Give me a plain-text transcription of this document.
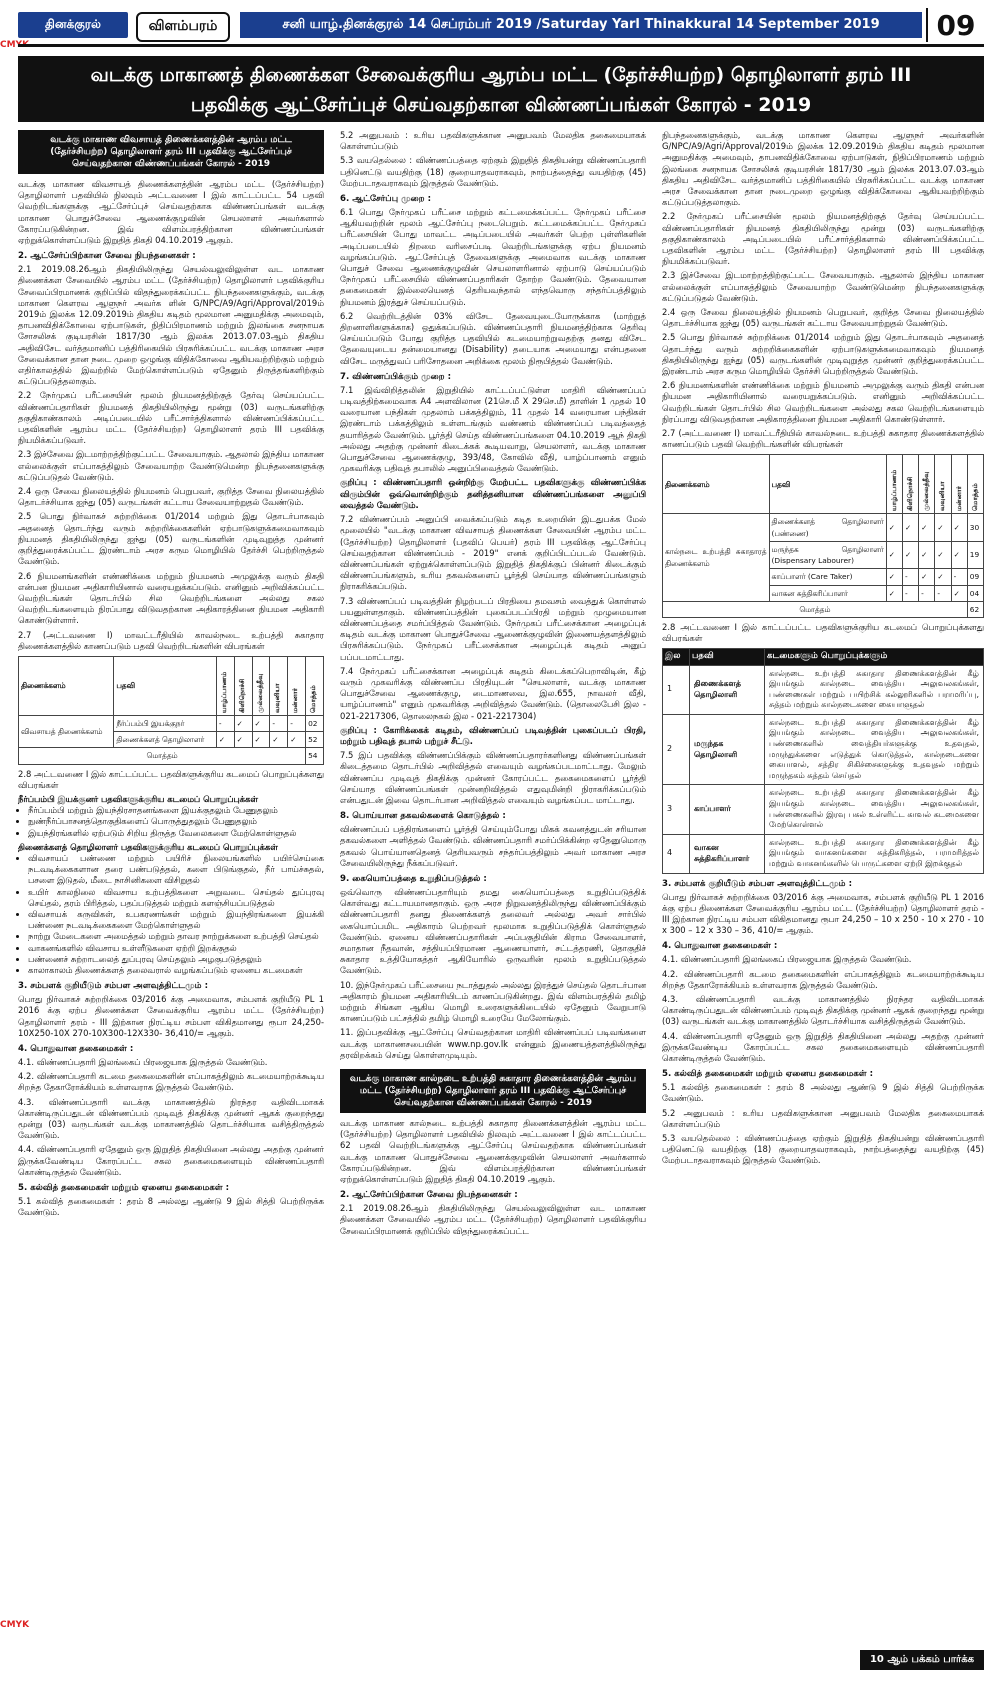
CMYK
CMYK
தினக்குரல்	விளம்பரம்	சனி யாழ்.தினக்குரல் 14 செப்ரம்பர் 2019 /Saturday Yarl Thinakkural 14 September 2019	09
வடக்கு மாகாணத் திணைக்கள சேவைக்குரிய ஆரம்ப மட்ட (தேர்ச்சியற்ற) தொழிலாளர் தரம் III
பதவிக்கு ஆட்சேர்ப்புச் செய்வதற்கான விண்ணப்பங்கள் கோரல் - 2019
வடக்கு மாகாண விவசாயத் திணைக்களத்தின் ஆரம்ப மட்ட (தேர்ச்சியற்ற) தொழிலாளர் தரம் III பதவிக்கு ஆட்சேர்ப்புச் செய்வதற்கான விண்ணப்பங்கள் கோரல் - 2019

வடக்கு மாகாண விவசாயத் திணைக்களத்தின் ஆரம்ப மட்ட (தேர்ச்சியற்ற) தொழிலாளர் பதவியில் நிலவும் அட்டவணை I இல் காட்டப்பட்ட 54 பதவி வெற்றிடங்களுக்கு ஆட்சேர்ப்புச் செய்வதற்காக விண்ணப்பங்கள் வடக்கு மாகாண பொதுச்சேவை ஆணைக்குழுவின் செயலாளர் அவர்களால் கோரப்படுகின்றன. இவ் விளம்பரத்திற்கான விண்ணப்பங்கள் ஏற்றுக்கொள்ளப்படும் இறுதித் திகதி 04.10.2019 ஆகும்.

2. ஆட்சேர்ப்பிற்கான சேவை நிபந்தனைகள் :

2.1 2019.08.26ஆம் திகதியிலிருந்து செயல்வலுவிலுள்ள வட மாகாண திணைக்கள சேவையில் ஆரம்ப மட்ட (தேர்ச்சியற்ற) தொழிலாளர் பதவிக்குரிய சேவைப்பிரமாணக் குறிப்பில் விதந்துரைக்கப்பட்ட நிபந்தனைகளுக்கும், வடக்கு மாகாண கௌரவ ஆளுநர் அவர்க ளின் G/NPC/A9/Agri/Approval/2019ம் 2019ம் இலக்க 12.09.2019ம் திகதிய கடிதம் மூலமான அனுமதிக்கு அமைவும், தாபனவிதிக்கோவை ஏற்பாடுகள், நிதிப்பிரமாணம் மற்றும் இலங்கை சனநாயக சோசலிசக் குடியரசின் 1817/30 ஆம் இலக்க 2013.07.03ஆம் திகதிய அதிவிசேட வர்த்தமானிப் பத்திரிகையில் பிரசுரிக்கப்பட்ட வடக்கு மாகாண அரச சேவைக்கான தான நடை முறை ஒழுங்கு விதிக்கோவை ஆகியவற்றிற்கும் மற்றும் எதிர்காலத்தில் இவற்றில் மேற்கொள்ளப்படும் ஏதேனும் திருத்தங்களிற்கும் கட்டுப்படுத்தலாகும்.

2.2 நேர்முகப் பரீட்சையின் மூலம் நியமனத்திற்குத் தேர்வு செய்யப்பட்ட விண்ணப்பதாரிகள் நியமனத் திகதியிலிருந்து மூன்று (03) வருடங்களிற்கு தகுதிகாண்காலம் அடிப்படையில் பரீட்சார்த்திகளால் விண்ணப்பிக்கப்பட்ட பதவிகளின் ஆரம்ப மட்ட (தேர்ச்சியற்ற) தொழிலாளர் தரம் III பதவிக்கு நியமிக்கப்படுவர்.

2.3 இச்சேவை இடமாற்றத்திற்குட்பட்ட சேவையாகும். ஆதலால் இந்திய மாகாண எல்லைக்குள் எப்பாகத்திலும் சேவையாற்ற வேண்டுமென்ற நிபந்தனைகளுக்கு கட்டுப்படுதல் வேண்டும்.

2.4 ஒரு சேவை நிலையத்தில் நியமனம் பெறுபவர், குறித்த சேவை நிலையத்தில் தொடர்ச்சியாக ஐந்து (05) வருடங்கள் கட்டாய சேவையாற்றுதல் வேண்டும்.

2.5 பொது நிர்வாகச் சுற்றறிக்கை 01/2014 மற்றும் இது தொடர்பாகவும் அதனைத் தொடர்ந்து வரும் சுற்றறிக்கைகளின் ஏற்பாடுகளுக்கமைவாகவும் நியமனத் திகதியிலிருந்து ஐந்து (05) வருடங்களின் முடிவுறுத்த முன்னர் குறித்துரைக்கப்பட்ட இரண்டாம் அரச கரும மொழியில் தேர்ச்சி பெற்றிருத்தல் வேண்டும்.

2.6 நியமனங்களின் எண்ணிக்கை மற்றும் நியமனம் அமுலுக்கு வரும் திகதி என்பன நியமன அதிகாரியினால் வரையறுக்கப்படும். எனினும் அறிவிக்கப்பட்ட வெற்றிடங்கள் தொடர்பில் சில வெற்றிடங்களை அல்லது சகல வெற்றிடங்களையும் நிரப்பாது விடுவதற்கான அதிகாரத்தினை நியமன அதிகாரி கொண்டுள்ளார்.

2.7 (அட்டவணை I) மாவட்டரீதியில் காவல்நடை உற்பத்தி சுகாதார திணைக்களத்தில் காணப்படும் பதவி வெற்றிடங்களின் விபரங்கள்

திணைக்களம்	பதவி	யாழ்ப்பாணம்	கிளிநொச்சி	முல்லைத்தீவு	வவுனியா	மன்னார்	மொத்தம்

விவசாயத் திணைக்களம்	நீர்ப்பம்பி இயக்குநர்	-	✓	✓	-	-	02
	திணைக்களத் தொழிலாளர்	✓	✓	✓	✓	✓	52
மொத்தம்							54

2.8 அட்டவணை I இல் காட்டப்பட்ட பதவிகளுக்குரிய கடமைப் பொறுப்புக்களது விபரங்கள்

நீர்ப்பம்பி இயக்குனர் பதவிகளுக்குரிய கடமைப் பொறுப்புக்கள்
• நீர்ப்பம்பி மற்றும் இயந்திரசாதனங்களை இயக்குதலும் பேணுதலும்
• நுண்நீர்ப்பாசனத்தொகுதிகளைப் பொருத்துதலும் பேணுதலும்
• இயந்திரங்களில் ஏற்படும் சிறிய திருத்த வேலைகளை மேற்கொள்ளுதல்
திணைக்களத் தொழிலாளர் பதவிகளுக்குரிய கடமைப் பொறுப்புக்கள்
• விவசாயப் பண்ணை மற்றும் பயிரிச் நிலையங்களில் பயிர்செய்கை நடவடிக்கைகளான தரை பண்படுத்தல், களை பிடுங்குதல், நீர் பாய்ச்சுதல், பசளை இடுதல், மீடை நாசினிகளை விசிறுதல்
• உயிர் காலநிலை விவசாய உற்பத்திகளை அறுவடை செய்தல் துப்புரவு செய்தல், தரம் பிரித்தல், பதப்படுத்தல் மற்றும் களஞ்சியப்படுத்தல்
• விவசாயக் கருவிகள், உபகரணங்கள் மற்றும் இயந்திரங்களை இயக்கி பண்ணை நடவடிக்கைகளை மேற்கொள்ளுதல்
• நாற்று மேடைகளை அமைத்தல் மற்றும் தாவர நாற்றுக்களை உற்பத்தி செய்தல்
• வாகனங்களில் விவசாய உள்ளீடுகளை ஏற்றி இறக்குதல்
• பண்ணைச் சுற்றாடலைத் துப்புரவு செய்தலும் அழகுபடுத்தலும்
• காலாகாலம் திணைக்களத் தலைவரால் வழங்கப்படும் ஏனைய கடமைகள்
3. சம்பளக் குறியீடும் சம்பள அளவுத்திட்டமும் :

பொது நிர்வாகச் சுற்றறிக்கை 03/2016 க்கு அமைவாக, சம்பளக் குறியீடு PL 1 2016 க்கு ஏற்ப திணைக்கள சேவைக்குரிய ஆரம்ப மட்ட (தேர்ச்சியற்ற) தொழிலாளர் தரம் - III இற்கான நிரட்டிய சம்பள விகிதமானது ரூபா 24,250-10X250-10X 270-10X300-12X330- 36,410/= ஆகும்.

4. பொதுவான தகைமைகள் :

4.1. விண்ணப்பதாரி இலங்கைப் பிரஜையாக இருத்தல் வேண்டும்.

4.2. விண்ணப்பதாரி கடமை தகைமைகளின் எப்பாகத்திலும் கடமையாற்றக்கூடிய சிறந்த தேகாரோக்கியம் உள்ளவராக இருத்தல் வேண்டும்.

4.3. விண்ணப்பதாரி வடக்கு மாகாணத்தில் நிரந்தர வதிவிடமாகக் கொண்டிருப்பதுடன் விண்ணப்பம் முடிவுத் திகதிக்கு முன்னர் ஆகக் குறைந்தது மூன்று (03) வருடங்கள் வடக்கு மாகாணத்தில் தொடர்ச்சியாக வசித்திருத்தல் வேண்டும்.

4.4. விண்ணப்பதாரி ஏதேனும் ஒரு இறுதித் திகதியினை அல்லது அதற்கு முன்னர் இருக்கவேண்டிய கோரப்பட்ட சகல தகைமைகளையும் விண்ணப்பதாரி கொண்டிருத்தல் வேண்டும்.

5. கல்வித் தகைமைகள் மற்றும் ஏனைய தகைமைகள் :

5.1 கல்வித் தகைமைகள் : தரம் 8 அல்லது ஆண்டு 9 இல் சித்தி பெற்றிருக்க வேண்டும்.

5.2 அனுபவம் : உரிய பதவிகளுக்கான அனுபவம் மேலதிக தகைமையாகக் கொள்ளப்படும்

5.3 வயதெல்லை : விண்ணப்பத்தை ஏற்கும் இறுதித் திகதியன்று விண்ணப்பதாரி பதினெட்டு வயதிற்கு (18) குறையாதவராகவும், நாற்பத்தைந்து வயதிற்கு (45) மேற்படாதவராகவும் இருத்தல் வேண்டும்.

6. ஆட்சேர்ப்பு முறை :

6.1 பொது நேர்முகப் பரீட்சை மற்றும் கட்டமைக்கப்பட்ட நேர்முகப் பரீட்சை ஆகியவற்றின் மூலம் ஆட்சேர்ப்பு நடைபெறும். கட்டமைக்கப்பட்ட நேர்முகப் பரீட்சையின் போது மாவட்ட அடிப்படையில் அவர்கள் பெற்ற புள்ளிகளின் அடிப்படையில் திறமை வரிசைப்படி வெற்றிடங்களுக்கு ஏற்ப நியமனம் வழங்கப்படும். ஆட்சேர்ப்புத் தேவைகளுக்கு அமைவாக வடக்கு மாகாண பொதுச் சேவை ஆணைக்குழுவின் செயலாளரினால் ஏற்பாடு செய்யப்படும் நேர்முகப் பரீட்சையில் விண்ணப்பதாரிகள் தோற்ற வேண்டும். தேவையான தகைமைகள் இல்லையெனத் தெரியவந்தால் எந்தவொரு சந்தர்ப்பத்திலும் நியமனம் இரத்துச் செய்யப்படும்.

6.2 வெற்றிடத்தின் 03% விசேட தேவையுடையோருக்காக (மாற்றுத் திறனாளிகளுக்காக) ஒதுக்கப்படும். விண்ணப்பதாரி நியமனத்திற்காக தெரிவு செய்யப்படும் போது குறித்த பதவியில் கடமையாற்றுவதற்கு தனது விசேட தேவையுடைய தன்மையானது (Disability) தடையாக அமையாது என்பதனை விசேட மருத்துவப் பரிசோதனை அறிக்கை மூலம் நிரூபித்தல் வேண்டும்.

7. விண்ணப்பிக்கும் முறை :

7.1 இவ்விறித்தலின் இறுதியில் காட்டப்பட்டுள்ள மாதிரி விண்ணப்பப் படிவத்திற்கமைவாக A4 அளவிலான (21செ.மீ X 29செ.மீ) தாளின் 1 முதல் 10 வரையான பந்திகள் முதலாம் பக்கத்திலும், 11 முதல் 14 வரையான பந்திகள் இரண்டாம் பக்கத்திலும் உள்ளடங்கும் வண்ணம் விண்ணப்பப் படிவத்தைத் தயாரித்தல் வேண்டும். பூர்த்தி செய்த விண்ணப்பங்களை 04.10.2019 ஆந் திகதி அல்லது அதற்கு முன்னர் கிடைக்கக் கூடியவாறு, செயலாளர், வடக்கு மாகாண பொதுச்சேவை ஆணைக்குழு, 393/48, கோவில் வீதி, யாழ்ப்பாணம் எனும் முகவரிக்கு பதிவுத் தபாலில் அனுப்பிவைத்தல் வேண்டும்.

குறிப்பு : விண்ணப்பதாரி ஒன்றிற்கு மேற்பட்ட பதவிகளுக்கு விண்ணப்பிக்க விரும்பின் ஒவ்வொன்றிற்கும் தனித்தனியான விண்ணப்பங்களை அனுப்பி வைத்தல் வேண்டும்.

7.2 விண்ணப்பம் அனுப்பி வைக்கப்படும் கடித உறையின் இடதுபக்க மேல் மூலையில் "வடக்கு மாகாண விவசாயத் திணைக்கள சேவையின் ஆரம்ப மட்ட (தேர்ச்சியற்ற) தொழிலாளர் (பதவிப் பெயர்) தரம் III பதவிக்கு ஆட்சேர்ப்பு செய்வதற்கான விண்ணப்பம் - 2019" எனக் குறிப்பிடப்படல் வேண்டும். விண்ணப்பங்கள் ஏற்றுக்கொள்ளப்படும் இறுதித் திகதிக்குப் பின்னர் கிடைக்கும் விண்ணப்பங்களும், உரிய தகவல்களைப் பூர்த்தி செய்யாத விண்ணப்பங்களும் நிராகரிக்கப்படும்.

7.3 விண்ணப்பப் படிவத்தின் நிழற்படப் பிரதியை தமவசம் வைத்துக் கொள்ளல் பயனுள்ளதாகும். விண்ணப்பத்தின் புகைப்படப்பிரதி மற்றும் முழுமையான விண்ணப்பத்தை சமர்ப்பித்தல் வேண்டும். நேர்முகப் பரீட்சைக்கான அழைப்புக் கடிதம் வடக்கு மாகாண பொதுச்சேவை ஆணைக்குழுவின் இணையத்தளத்திலும் பிரசுரிக்கப்படும். நேர்முகப் பரீட்சைக்கான அழைப்புக் கடிதம் அனுப் பப்படமாட்டாது.

7.4 நேர்முகப் பரீட்சைக்கான அழைப்புக் கடிதம் கிடைக்கப்பெறாவிடின், கீழ் வரும் முகவரிக்கு விண்ணப்ப பிரதியுடன் "செயலாளர், வடக்கு மாகாண பொதுச்சேவை ஆணைக்குழு, டைமாணவை, இல.655, நாவலர் வீதி, யாழ்ப்பாணம்" எனும் முகவரிக்கு அறிவித்தல் வேண்டும். (தொலைபேசி இல - 021-2217306, தொலைநகல் இல - 021-2217304)

குறிப்பு : கோரிக்கைக் கடிதம், விண்ணப்பப் படிவத்தின் புகைப்படப் பிரதி, மற்றும் பதிவுத் தபால் பற்றுச் சீட்டு.

7.5 இப் பதவிக்கு விண்ணப்பிக்கும் விண்ணப்பதாரர்களினது விண்ணப்பங்கள் கிடைத்தமை தொடர்பில் அறிவித்தல் எவையும் வழங்கப்படமாட்டாது. மேலும் விண்ணப்ப முடிவுத் திகதிக்கு முன்னர் கோரப்பட்ட தகைமைகளைப் பூர்த்தி செய்யாத விண்ணப்பங்கள் முன்னறிவித்தல் எதுவுமின்றி நிராகரிக்கப்படும் என்பதுடன் இவை தொடர்பான அறிவித்தல் எவையும் வழங்கப்பட மாட்டாது.

8. பொய்யான தகவல்களைக் கொடுத்தல் :

விண்ணப்பப் பத்திரங்களைப் பூர்த்தி செய்யும்போது மிகக் கவனத்துடன் சரியான தகவல்களை அளித்தல் வேண்டும். விண்ணப்பதாரி சமர்ப்பிக்கின்ற ஏதேனுமொரு தகவல் பொய்யானதெனத் தெரியவரும் சந்தர்ப்பத்திலும் அவர் மாகாண அரச சேவையிலிருந்து நீக்கப்படுவர்.

9. கையொப்பத்தை உறுதிப்படுத்தல் :

ஒவ்வொரு விண்ணப்பதாரியும் தமது கையொப்பத்தை உறுதிப்படுத்திக் கொள்வது கட்டாயமானதாகும். ஒரு அரச நிறுவனத்திலிருந்து விண்ணப்பிக்கும் விண்ணப்பதாரி தனது திணைக்களத் தலைவர் அல்லது அவர் சார்பில் கையொப்பமிட அதிகாரம் பெற்றவர் மூலமாக உறுதிப்படுத்திக் கொள்ளுதல் வேண்டும். ஏனைய விண்ணப்பதாரிகள் அப்பகுதியின் கிராம சேவையாளர், சமாதான நீதவான், சத்தியப்பிரமாண ஆணையாளர், சட்டத்தரணி, தொகுதிச் சுகாதார உத்தியோகத்தர் ஆகியோரில் ஒருவரின் மூலம் உறுதிப்படுத்தல் வேண்டும்.

10. இந்நேர்முகப் பரீட்சையை நடாத்துதல் அல்லது இரத்துச் செய்தல் தொடர்பான அதிகாரம் நியமன அதிகாரியிடம் காணப்படுகின்றது. இவ் விளம்பரத்தில் தமிழ் மற்றும் சிங்கள ஆகிய மொழி உரைகளுக்கிடையில் ஏதேனும் வேறுபாடு காணப்படும் பட்சத்தில் தமிழ் மொழி உரையே மேலோங்கும்.

11. இப்பதவிக்கு ஆட்சேர்ப்பு செய்வதற்கான மாதிரி விண்ணப்பப் படிவங்களை வடக்கு மாகாணசபையின் www.np.gov.lk என்னும் இணையத்தளத்திலிருந்து தரவிறக்கம் செய்து கொள்ளமுடியும்.

வடக்கு மாகாண கால்நடை உற்பத்தி சுகாதார திணைக்களத்தின் ஆரம்ப மட்ட (தேர்ச்சியற்ற) தொழிலாளர் தரம் III பதவிக்கு ஆட்சேர்ப்புச் செய்வதற்கான விண்ணப்பங்கள் கோரல் - 2019

வடக்கு மாகாண கால்நடை உற்பத்தி சுகாதார திணைக்களத்தின் ஆரம்ப மட்ட (தேர்ச்சியற்ற) தொழிலாளர் பதவியில் நிலவும் அட்டவணை I இல் காட்டப்பட்ட 62 பதவி வெற்றிடங்களுக்கு ஆட்சேர்ப்பு செய்வதற்காக விண்ணப்பங்கள் வடக்கு மாகாண பொதுச்சேவை ஆணைக்குழுவின் செயலாளர் அவர்களால் கோரப்படுகின்றன. இவ் விளம்பரத்திற்கான விண்ணப்பங்கள் ஏற்றுக்கொள்ளப்படும் இறுதித் திகதி 04.10.2019 ஆகும்.

2. ஆட்சேர்ப்பிற்கான சேவை நிபந்தனைகள் :

2.1 2019.08.26ஆம் திகதியிலிருந்து செயல்வலுவிலுள்ள வட மாகாண திணைக்கள சேவையில் ஆரம்ப மட்ட (தேர்ச்சியற்ற) தொழிலாளர் பதவிக்குரிய சேவைப்பிரமாணக் குறிப்பில் விதந்துரைக்கப்பட்ட

நிபந்தனைகளுக்கும், வடக்கு மாகாண கௌரவ ஆளுநர் அவர்களின் G/NPC/A9/Agri/Approval/2019ம் இலக்க 12.09.2019ம் திகதிய கடிதம் மூலமான அனுமதிக்கு அமைவும், தாபனவிதிக்கோவை ஏற்பாடுகள், நிதிப்பிரமாணம் மற்றும் இலங்கை சனநாயக சோசலிசக் குடியரசின் 1817/30 ஆம் இலக்க 2013.07.03ஆம் திகதிய அதிவிசேட வர்த்தமானிப் பத்திரிகையில் பிரசுரிக்கப்பட்ட வடக்கு மாகாண அரச சேவைக்கான தான நடைமுறை ஒழுங்கு விதிக்கோவை ஆகியவற்றிற்கும் கட்டுப்படுத்தலாகும்.

2.2 நேர்முகப் பரீட்சையின் மூலம் நியமனத்திற்குத் தேர்வு செய்யப்பட்ட விண்ணப்பதாரிகள் நியமனத் திகதியிலிருந்து மூன்று (03) வருடங்களிற்கு தகுதிகாண்காலம் அடிப்படையில் பரீட்சார்த்திகளால் விண்ணப்பிக்கப்பட்ட பதவிகளின் ஆரம்ப மட்ட (தேர்ச்சியற்ற) தொழிலாளர் தரம் III பதவிக்கு நியமிக்கப்படுவர்.

2.3 இச்சேவை இடமாற்றத்திற்குட்பட்ட சேவையாகும். ஆதலால் இந்திய மாகாண எல்லைக்குள் எப்பாகத்திலும் சேவையாற்ற வேண்டுமென்ற நிபந்தனைகளுக்கு கட்டுப்படுதல் வேண்டும்.

2.4 ஒரு சேவை நிலையத்தில் நியமனம் பெறுபவர், குறித்த சேவை நிலையத்தில் தொடர்ச்சியாக ஐந்து (05) வருடங்கள் கட்டாய சேவையாற்றுதல் வேண்டும்.

2.5 பொது நிர்வாகச் சுற்றறிக்கை 01/2014 மற்றும் இது தொடர்பாகவும் அதனைத் தொடர்ந்து வரும் சுற்றறிக்கைகளின் ஏற்பாடுகளுக்கமைவாகவும் நியமனத் திகதியிலிருந்து ஐந்து (05) வருடங்களின் முடிவுறுத்த முன்னர் குறித்துரைக்கப்பட்ட இரண்டாம் அரச கரும மொழியில் தேர்ச்சி பெற்றிருத்தல் வேண்டும்.

2.6 நியமனங்களின் எண்ணிக்கை மற்றும் நியமனம் அமுலுக்கு வரும் திகதி என்பன நியமன அதிகாரியினால் வரையறுக்கப்படும். எனினும் அறிவிக்கப்பட்ட வெற்றிடங்கள் தொடர்பில் சில வெற்றிடங்களை அல்லது சகல வெற்றிடங்களையும் நிரப்பாது விடுவதற்கான அதிகாரத்தினை நியமன அதிகாரி கொண்டுள்ளார்.

2.7 (அட்டவணை I) மாவட்டரீதியில் காவல்நடை உற்பத்தி சுகாதார திணைக்களத்தில் காணப்படும் பதவி வெற்றிடங்களின் விபரங்கள்

திணைக்களம்	பதவி	யாழ்ப்பாணம்	கிளிநொச்சி	முல்லைத்தீவு	வவுனியா	மன்னார்	மொத்தம்

கால்நடை உற்பத்தி சுகாதாரத் திணைக்களம்	திணைக்களத் தொழிலாளர் (பண்ணை)	✓	✓	✓	✓	✓	30
	மருந்தக தொழிலாளர் (Dispensary Labourer)	✓	✓	✓	✓	✓	19
	காப்பாளர் (Care Taker)	✓	-	✓	✓	-	09
	வாகன சுத்திகரிப்பாளர்	✓	-	-	-	✓	04
மொத்தம்							62

2.8 அட்டவணை I இல் காட்டப்பட்ட பதவிகளுக்குரிய கடமைப் பொறுப்புக்களது விபரங்கள்

இல	பதவி	கடமைகளும் பொறுப்புக்களும்
1	திணைக்களத் தொழிலாளி	கால்நடை உற்பத்தி சுகாதார திணைக்களத்தின் கீழ் இயங்கும் கால்நடை வைத்திய அலுவலகங்கள், பண்ணைகள் மற்றும் பயிற்சிக் கல்லூரிகளில் பராமரிப்பு, சுத்தம் மற்றும் கால்நடைகளை கையாளுதல்
2	மருந்தக தொழிலாளி	கால்நடை உற்பத்தி சுகாதார திணைக்களத்தின் கீழ் இயங்கும் கால்நடை வைத்திய அலுவலகங்கள், பண்ணைகளில் வைத்தியர்களுக்கு உதவுதல், மருந்துக்களை எடுத்துக் கொடுத்தல், கால்நடைகளை கையாளல், சத்திர சிகிச்சைகளுக்கு உதவுதல் மற்றும் மருந்தகம் சுத்தம் செய்தல்
3	காப்பாளர்	கால்நடை உற்பத்தி சுகாதார திணைக்களத்தின் கீழ் இயங்கும் கால்நடை வைத்திய அலுவலகங்கள், பண்ணைகளில் இரவு பகல் உள்ளிட்ட காவல் கடமைகளை மேற்கொள்ளல்
4	வாகன சுத்திகரிப்பாளர்	கால்நடை உற்பத்தி சுகாதார திணைக்களத்தின் கீழ் இயங்கும் வாகனங்களை சுத்திகரித்தல், பராமரித்தல் மற்றும் வாகனங்களில் பொருட்களை ஏற்றி இறக்குதல்
3. சம்பளக் குறியீடும் சம்பள அளவுத்திட்டமும் :

பொது நிர்வாகச் சுற்றறிக்கை 03/2016 க்கு அமைவாக, சம்பளக் குறியீடு PL 1 2016 க்கு ஏற்ப திணைக்கள சேவைக்குரிய ஆரம்ப மட்ட (தேர்ச்சியற்ற) தொழிலாளர் தரம் - III இற்கான நிரட்டிய சம்பள விகிதமானது ரூபா 24,250 – 10 x 250 - 10 x 270 - 10 x 300 – 12 x 330 – 36, 410/= ஆகும்.

4. பொதுவான தகைமைகள் :

4.1. விண்ணப்பதாரி இலங்கைப் பிரஜையாக இருத்தல் வேண்டும்.

4.2. விண்ணப்பதாரி கடமை தகைமைகளின் எப்பாகத்திலும் கடமையாற்றக்கூடிய சிறந்த தேகாரோக்கியம் உள்ளவராக இருத்தல் வேண்டும்.

4.3. விண்ணப்பதாரி வடக்கு மாகாணத்தில் நிரந்தர வதிவிடமாகக் கொண்டிருப்பதுடன் விண்ணப்பம் முடிவுத் திகதிக்கு முன்னர் ஆகக் குறைந்தது மூன்று (03) வருடங்கள் வடக்கு மாகாணத்தில் தொடர்ச்சியாக வசித்திருத்தல் வேண்டும்.

4.4. விண்ணப்பதாரி ஏதேனும் ஒரு இறுதித் திகதியினை அல்லது அதற்கு முன்னர் இருக்கவேண்டிய கோரப்பட்ட சகல தகைமைகளையும் விண்ணப்பதாரி கொண்டிருத்தல் வேண்டும்.

5. கல்வித் தகைமைகள் மற்றும் ஏனைய தகைமைகள் :

5.1 கல்வித் தகைமைகள் : தரம் 8 அல்லது ஆண்டு 9 இல் சித்தி பெற்றிருக்க வேண்டும்.

5.2 அனுபவம் : உரிய பதவிகளுக்கான அனுபவம் மேலதிக தகைமையாகக் கொள்ளப்படும்

5.3 வயதெல்லை : விண்ணப்பத்தை ஏற்கும் இறுதித் திகதியன்று விண்ணப்பதாரி பதினெட்டு வயதிற்கு (18) குறையாதவராகவும், நாற்பத்தைந்து வயதிற்கு (45) மேற்படாதவராகவும் இருத்தல் வேண்டும்.

10 ஆம் பக்கம் பார்க்க
